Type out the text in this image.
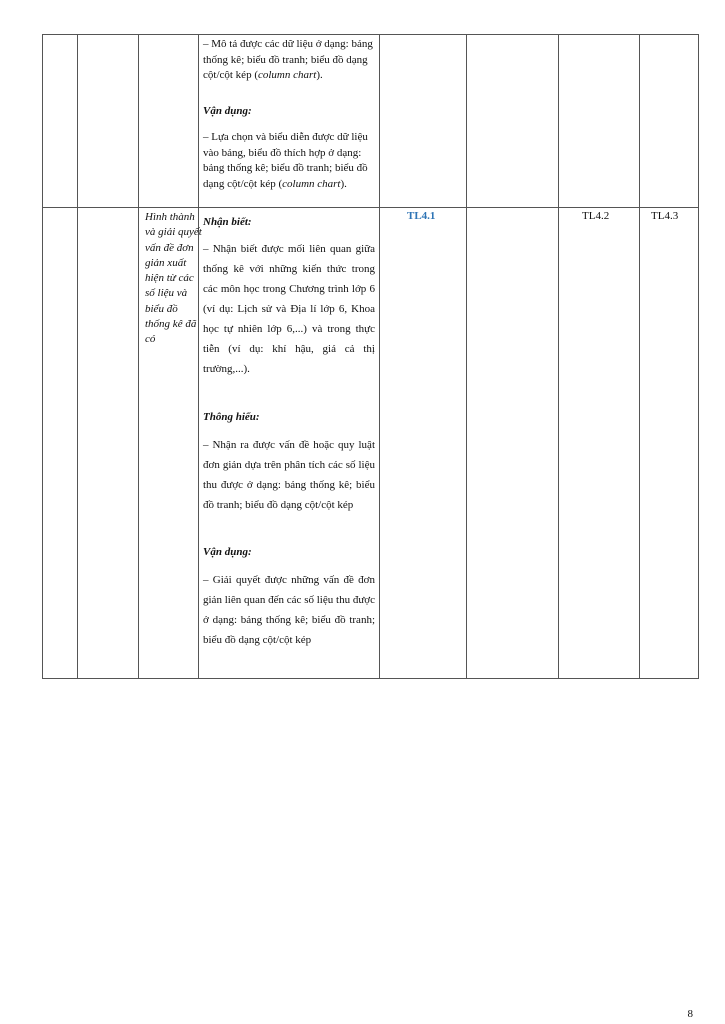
– Mô tả được các dữ liệu ở dạng: bảng thống kê; biểu đồ tranh; biểu đồ dạng cột/cột kép (column chart).
Vận dụng:
– Lựa chọn và biểu diễn được dữ liệu vào bảng, biểu đồ thích hợp ở dạng: bảng thống kê; biểu đồ tranh; biểu đồ dạng cột/cột kép (column chart).
Hình thành và giải quyết vấn đề đơn giản xuất hiện từ các số liệu và biểu đồ thống kê đã có
Nhận biết:
– Nhận biết được mối liên quan giữa thống kê với những kiến thức trong các môn học trong Chương trình lớp 6 (ví dụ: Lịch sử và Địa lí lớp 6, Khoa học tự nhiên lớp 6,...) và trong thực tiễn (ví dụ: khí hậu, giá cả thị trường,...).
Thông hiểu:
– Nhận ra được vấn đề hoặc quy luật đơn giản dựa trên phân tích các số liệu thu được ở dạng: bảng thống kê; biểu đồ tranh; biểu đồ dạng cột/cột kép
Vận dụng:
– Giải quyết được những vấn đề đơn giản liên quan đến các số liệu thu được ở dạng: bảng thống kê; biểu đồ tranh; biểu đồ dạng cột/cột kép
TL4.1	TL4.2	TL4.3
8
